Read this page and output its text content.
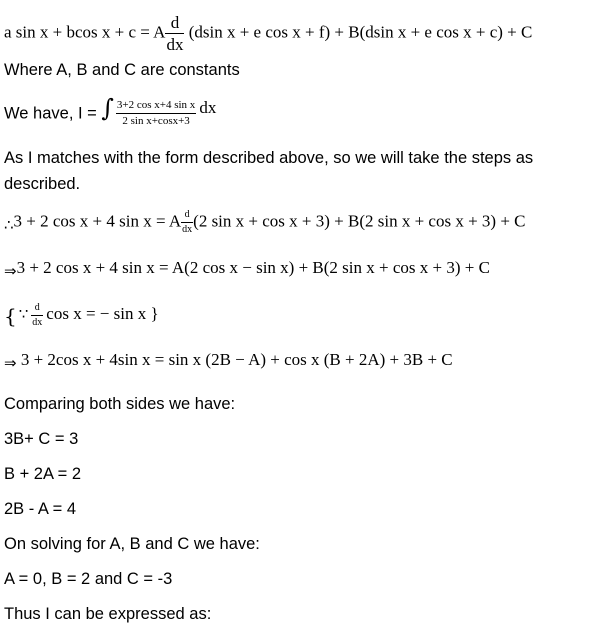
a sin x + bcos x + c = A $\frac{d}{dx} (dsin$ x + e cos x + f) + B(dsin x + e cos x + c) + C
Where A, B and C are constants
We have, I = ∫ $\frac{\text{3+2 cos x+4 sin x}}{\text{2 sin x+cosx+3}}$ dx
As I matches with the form described above, so we will take the steps as
described.
∴3 + 2 cos x + 4 sin x = A $\frac{d}{dx} (2$ sin x + cos x + 3) + B(2 sin x + cos x + 3) + C
⇒3 + 2 cos x + 4 sin x = A(2 cos x − sin x) + B(2 sin x + cos x + 3) + C
{ ∵ $\frac{d}{dx}$ cos x = − sin x }
⇒ 3 + 2cos x + 4sin x = sin x (2B − A) + cos x (B + 2A) + 3B + C
Comparing both sides we have:
3B+ C = 3
B + 2A = 2
2B - A = 4
On solving for A, B and C we have:
A = 0, B = 2 and C = -3
Thus I can be expressed as:
